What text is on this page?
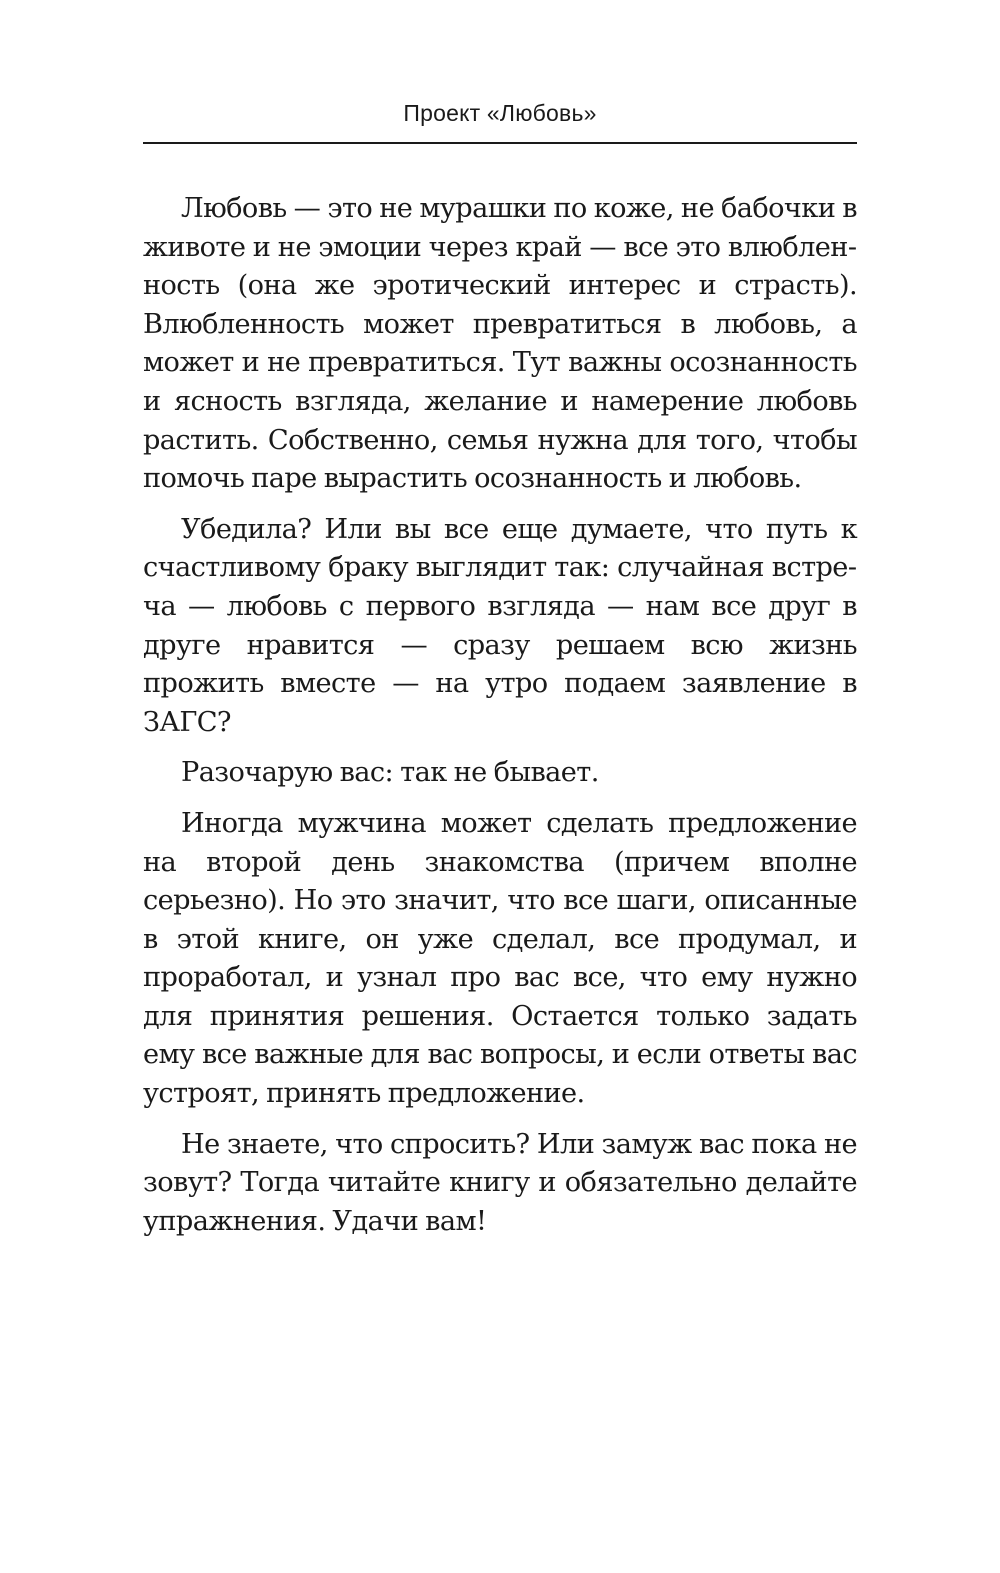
Проект «Любовь»

Любовь — это не мурашки по коже, не бабочки в животе и не эмоции через край — все это влюбленность (она же эротический интерес и страсть). Влюбленность может превратиться в любовь, а может и не превратиться. Тут важны осознанность и ясность взгляда, желание и намерение любовь растить. Собственно, семья нужна для того, чтобы помочь паре вырастить осознанность и любовь.

Убедила? Или вы все еще думаете, что путь к счастливому браку выглядит так: случайная встреча — любовь с первого взгляда — нам все друг в друге нравится — сразу решаем всю жизнь прожить вместе — на утро подаем заявление в ЗАГС?

Разочарую вас: так не бывает.

Иногда мужчина может сделать предложение на второй день знакомства (причем вполне серьезно). Но это значит, что все шаги, описанные в этой книге, он уже сделал, все продумал, и проработал, и узнал про вас все, что ему нужно для принятия решения. Остается только задать ему все важные для вас вопросы, и если ответы вас устроят, принять предложение.

Не знаете, что спросить? Или замуж вас пока не зовут? Тогда читайте книгу и обязательно делайте упражнения. Удачи вам!
